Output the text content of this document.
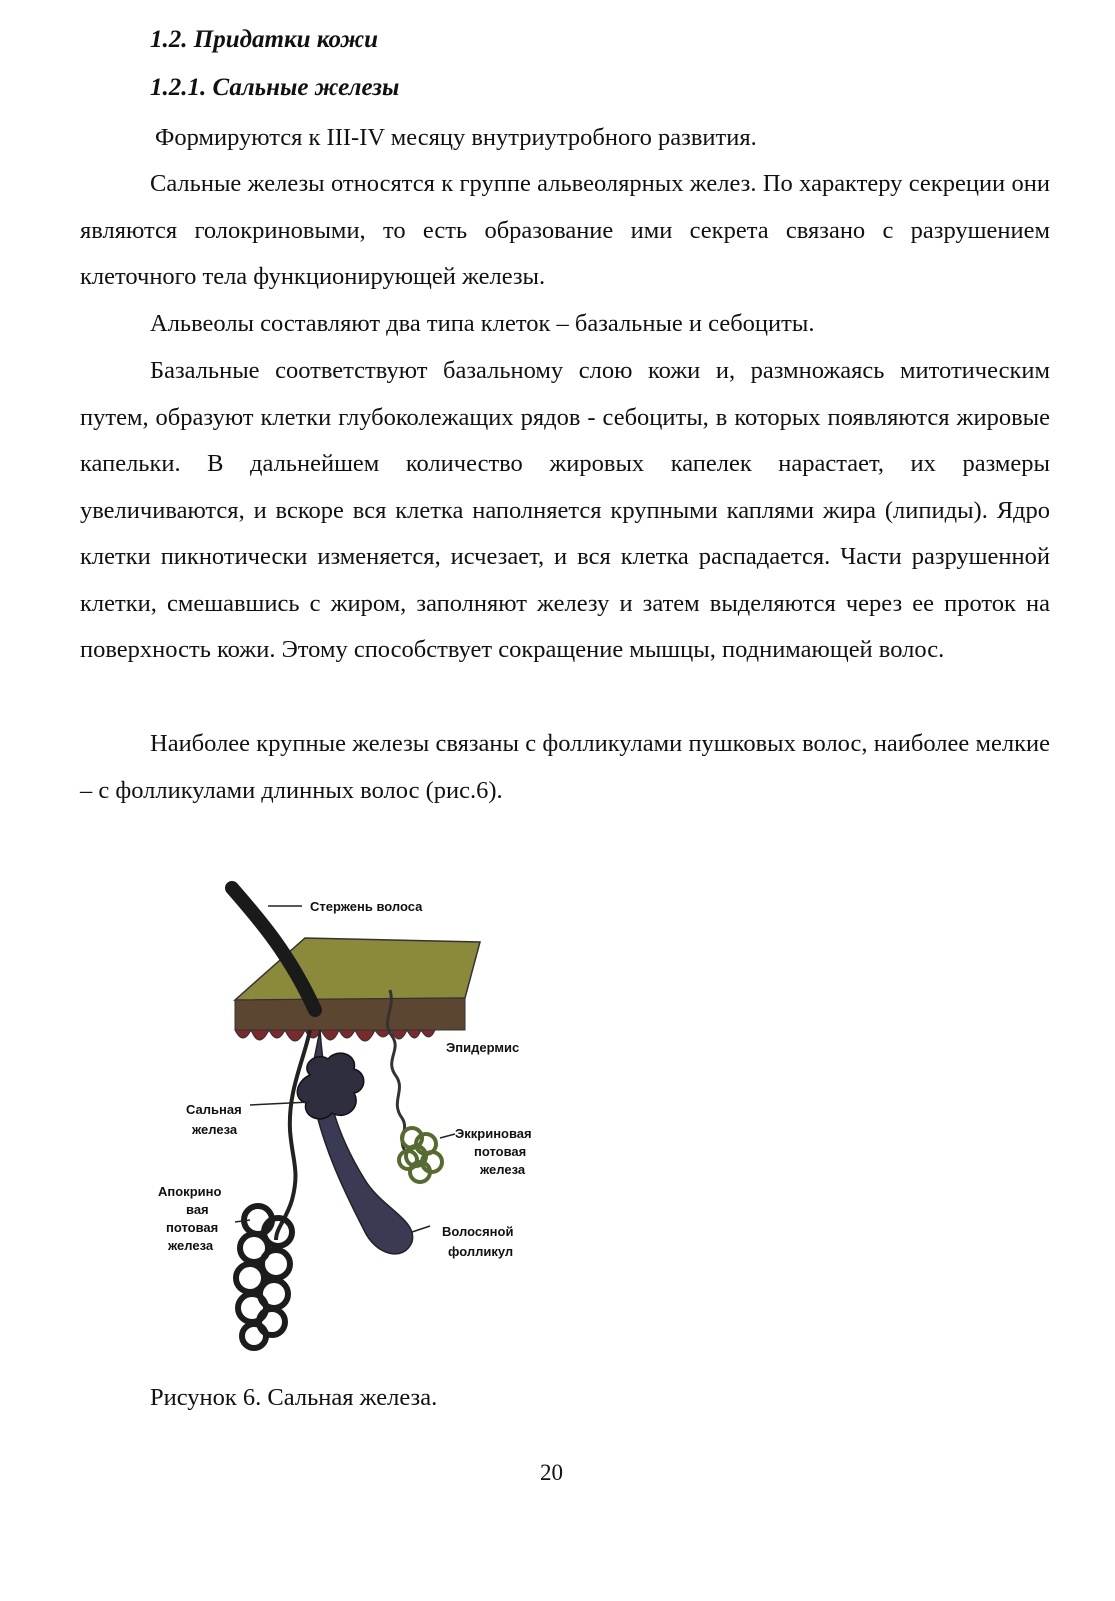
1.2. Придатки кожи
1.2.1. Сальные железы

Формируются к III-IV месяцу внутриутробного развития.

Сальные железы относятся к группе альвеолярных желез. По характеру секреции они являются голокриновыми, то есть образование ими секрета связано с разрушением клеточного тела функционирующей железы.

Альвеолы составляют два типа клеток – базальные и себоциты.

Базальные соответствуют базальному слою кожи и, размножаясь митотическим путем, образуют клетки глубоколежащих рядов - себоциты, в которых появляются жировые капельки. В дальнейшем количество жировых капелек нарастает, их размеры увеличиваются, и вскоре вся клетка наполняется крупными каплями жира (липиды). Ядро клетки пикнотически изменяется, исчезает, и вся клетка распадается. Части разрушенной клетки, смешавшись с жиром, заполняют железу и затем выделяются через ее проток на поверхность кожи. Этому способствует сокращение мышцы, поднимающей волос.

Наиболее крупные железы связаны с фолликулами пушковых волос, наиболее мелкие – с фолликулами длинных волос (рис.6).

Стержень волоса
Эпидермис
Сальная
железа	Эккриновая
потовая
железа
Апокрино
вая
потовая
железа
Волосяной
фолликул
Рисунок 6. Сальная железа.
20
